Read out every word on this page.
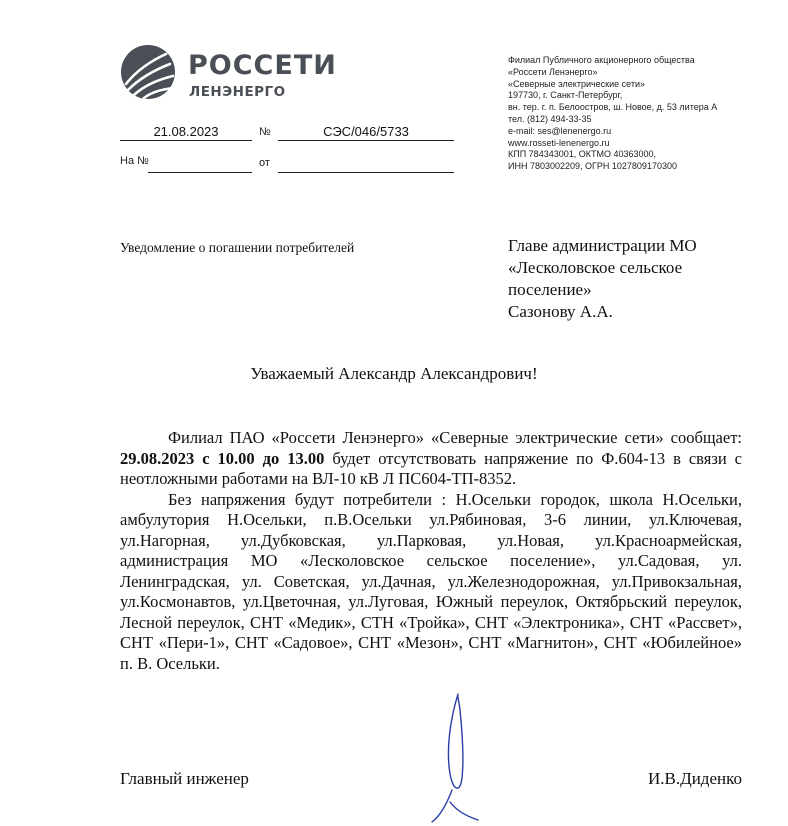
РОССЕТИ
ЛЕНЭНЕРГО
Филиал Публичного акционерного общества
«Россети Ленэнерго»
«Северные электрические сети»
197730, г. Санкт-Петербург,
вн. тер. г. п. Белоостров, ш. Новое, д. 53 литера А
тел. (812) 494-33-35
e-mail: ses@lenenergo.ru
www.rosseti-lenenergo.ru
КПП 784343001, ОКТМО 40363000,
ИНН 7803002209, ОГРН 1027809170300
21.08.2023	№	СЭС/046/5733
На №	от
Уведомление о погашении потребителей	Главе администрации МО
«Лесколовское сельское
поселение»
Сазонову А.А.
Уважаемый Александр Александрович!

Филиал ПАО «Россети Ленэнерго» «Северные электрические сети» сообщает: 29.08.2023 с 10.00 до 13.00 будет отсутствовать напряжение по Ф.604-13 в связи с неотложными работами на ВЛ-10 кВ Л ПС604-ТП-8352.

Без напряжения будут потребители : Н.Осельки городок, школа Н.Осельки, амбулутория Н.Осельки, п.В.Осельки ул.Рябиновая, 3-6 линии, ул.Ключевая, ул.Нагорная, ул.Дубковская, ул.Парковая, ул.Новая, ул.Красноармейская, администрация МО «Лесколовское сельское поселение», ул.Садовая, ул. Ленинградская, ул. Советская, ул.Дачная, ул.Железнодорожная, ул.Привокзальная, ул.Космонавтов, ул.Цветочная, ул.Луговая, Южный переулок, Октябрьский переулок, Лесной переулок, СНТ «Медик», СТН «Тройка», СНТ «Электроника», СНТ «Рассвет», СНТ «Пери-1», СНТ «Садовое», СНТ «Мезон», СНТ «Магнитон», СНТ «Юбилейное» п. В. Осельки.

Главный инженер	И.В.Диденко
